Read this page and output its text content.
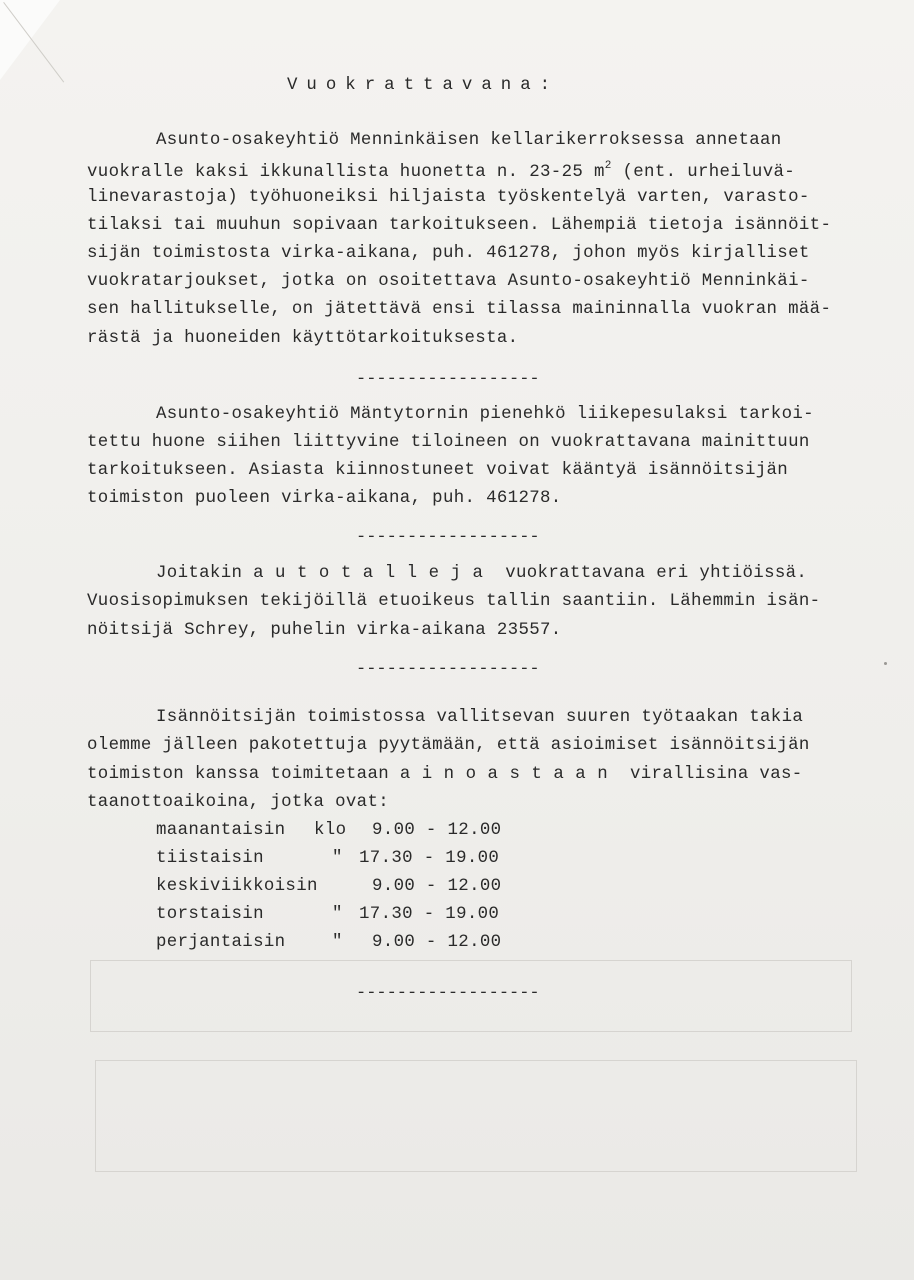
Vuokrattavana:
Asunto-osakeyhtiö Menninkäisen kellarikerroksessa annetaan
vuokralle kaksi ikkunallista huonetta n. 23-25 $m^2$ (ent. urheiluvä-
linevarastoja) työhuoneiksi hiljaista työskentelyä varten, varasto-
tilaksi tai muuhun sopivaan tarkoitukseen. Lähempiä tietoja isännöit-
sijän toimistosta virka-aikana, puh. 461278, johon myös kirjalliset
vuokratarjoukset, jotka on osoitettava Asunto-osakeyhtiö Menninkäi-
sen hallitukselle, on jätettävä ensi tilassa maininnalla vuokran mää-
rästä ja huoneiden käyttötarkoituksesta.
------------------
Asunto-osakeyhtiö Mäntytornin pienehkö liikepesulaksi tarkoi-
tettu huone siihen liittyvine tiloineen on vuokrattavana mainittuun
tarkoitukseen. Asiasta kiinnostuneet voivat kääntyä isännöitsijän
toimiston puoleen virka-aikana, puh. 461278.
------------------
Joitakin autotalleja vuokrattavana eri yhtiöissä.
Vuosisopimuksen tekijöillä etuoikeus tallin saantiin. Lähemmin isän-
nöitsijä Schrey, puhelin virka-aikana 23557.
------------------
Isännöitsijän toimistossa vallitsevan suuren työtaakan takia
olemme jälleen pakotettuja pyytämään, että asioimiset isännöitsijän
toimiston kanssa toimitetaan ainoastaan virallisina vas-
taanottoaikoina, jotka ovat:
maanantaisin klo 9.00 - 12.00
tiistaisin	" 17.30 - 19.00
keskiviikkoisin	9.00 - 12.00
torstaisin	" 17.30 - 19.00
perjantaisin	" 9.00 - 12.00
------------------
